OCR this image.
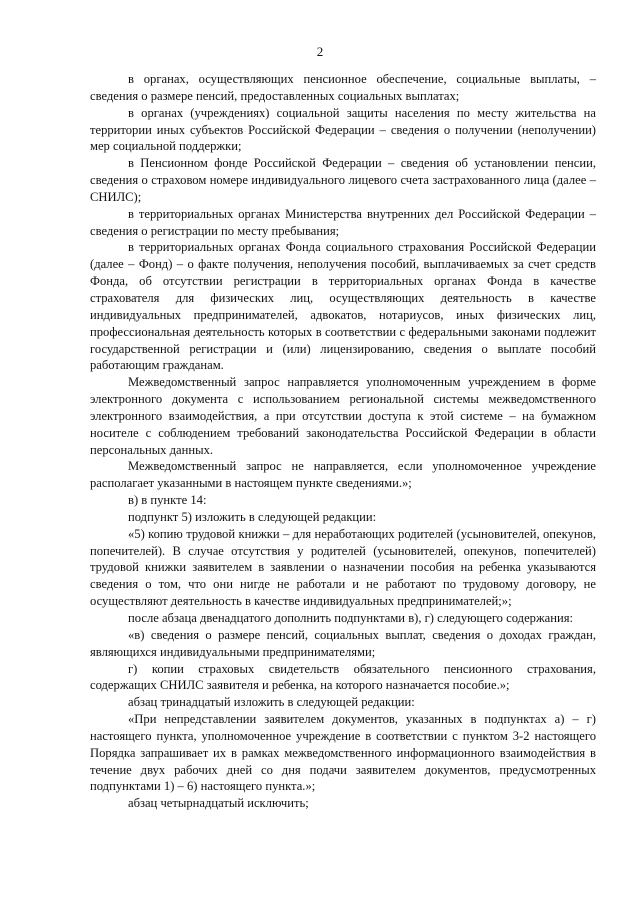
2

в органах, осуществляющих пенсионное обеспечение, социальные выплаты, – сведения о размере пенсий, предоставленных социальных выплатах;

в органах (учреждениях) социальной защиты населения по месту жительства на территории иных субъектов Российской Федерации – сведения о получении (неполучении) мер социальной поддержки;

в Пенсионном фонде Российской Федерации – сведения об установлении пенсии, сведения о страховом номере индивидуального лицевого счета застрахованного лица (далее – СНИЛС);

в территориальных органах Министерства внутренних дел Российской Федерации – сведения о регистрации по месту пребывания;

в территориальных органах Фонда социального страхования Российской Федерации (далее – Фонд) – о факте получения, неполучения пособий, выплачиваемых за счет средств Фонда, об отсутствии регистрации в территориальных органах Фонда в качестве страхователя для физических лиц, осуществляющих деятельность в качестве индивидуальных предпринимателей, адвокатов, нотариусов, иных физических лиц, профессиональная деятельность которых в соответствии с федеральными законами подлежит государственной регистрации и (или) лицензированию, сведения о выплате пособий работающим гражданам.

Межведомственный запрос направляется уполномоченным учреждением в форме электронного документа с использованием региональной системы межведомственного электронного взаимодействия, а при отсутствии доступа к этой системе – на бумажном носителе с соблюдением требований законодательства Российской Федерации в области персональных данных.

Межведомственный запрос не направляется, если уполномоченное учреждение располагает указанными в настоящем пункте сведениями.»;

в) в пункте 14:

подпункт 5) изложить в следующей редакции:

«5) копию трудовой книжки – для неработающих родителей (усыновителей, опекунов, попечителей). В случае отсутствия у родителей (усыновителей, опекунов, попечителей) трудовой книжки заявителем в заявлении о назначении пособия на ребенка указываются сведения о том, что они нигде не работали и не работают по трудовому договору, не осуществляют деятельность в качестве индивидуальных предпринимателей;»;

после абзаца двенадцатого дополнить подпунктами в), г) следующего содержания:

«в) сведения о размере пенсий, социальных выплат, сведения о доходах граждан, являющихся индивидуальными предпринимателями;

г) копии страховых свидетельств обязательного пенсионного страхования, содержащих СНИЛС заявителя и ребенка, на которого назначается пособие.»;

абзац тринадцатый изложить в следующей редакции:

«При непредставлении заявителем документов, указанных в подпунктах а) – г) настоящего пункта, уполномоченное учреждение в соответствии с пунктом 3-2 настоящего Порядка запрашивает их в рамках межведомственного информационного взаимодействия в течение двух рабочих дней со дня подачи заявителем документов, предусмотренных подпунктами 1) – 6) настоящего пункта.»;

абзац четырнадцатый исключить;
